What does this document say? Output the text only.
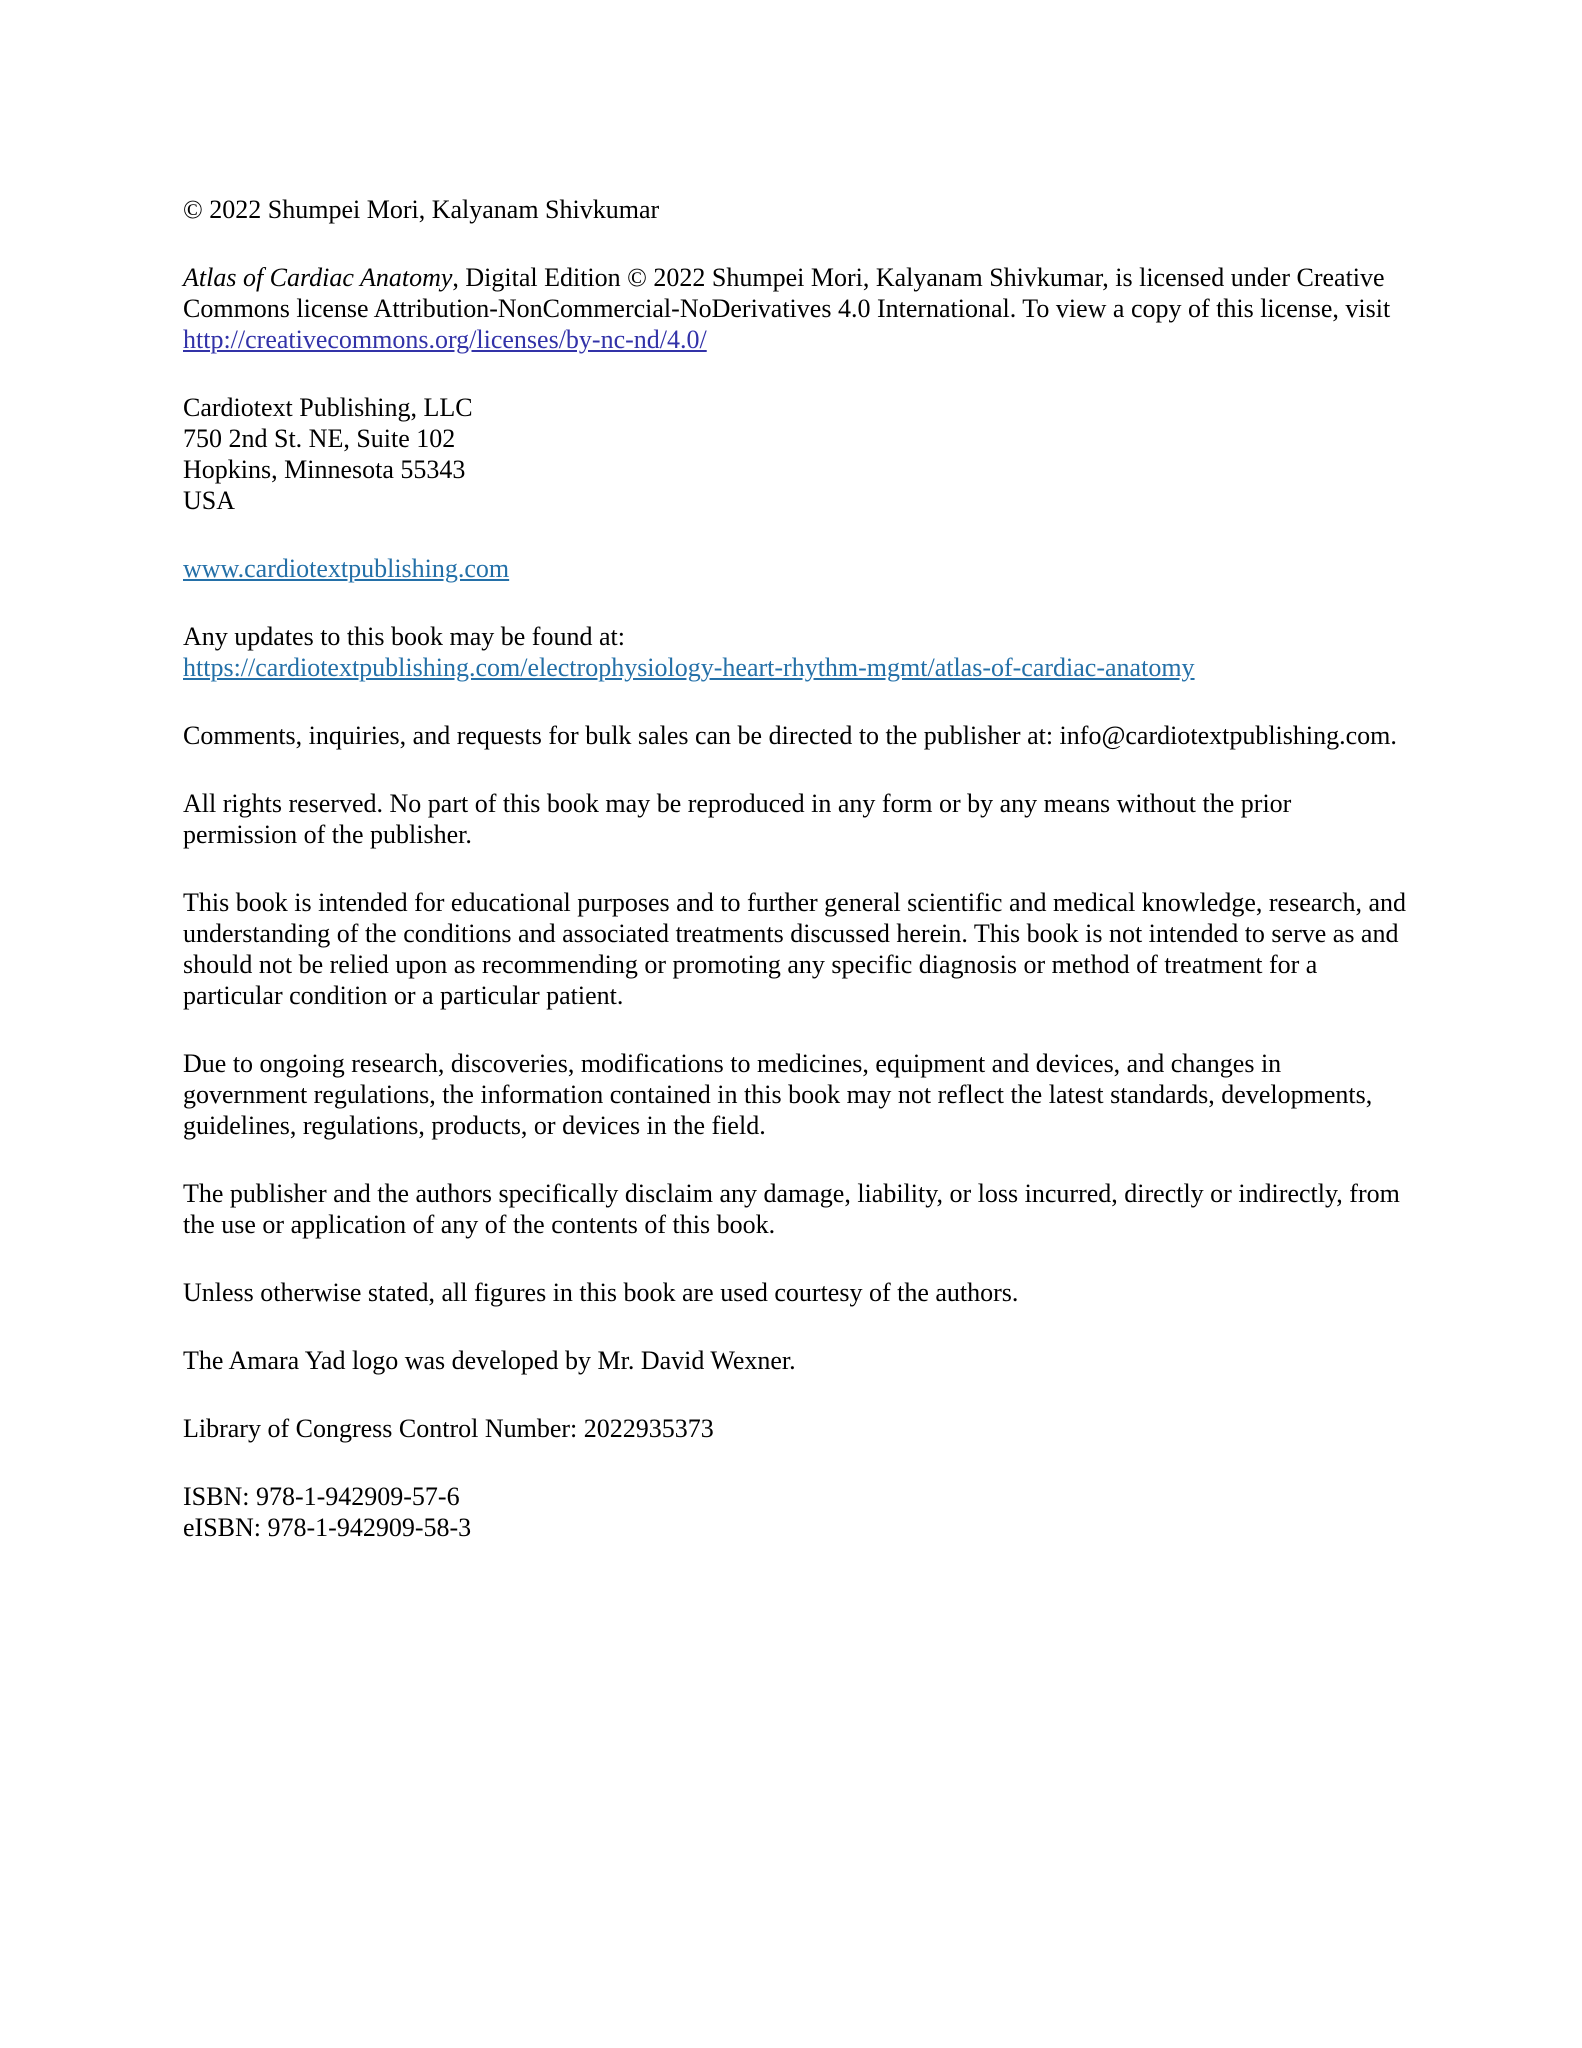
© 2022 Shumpei Mori, Kalyanam Shivkumar

Atlas of Cardiac Anatomy, Digital Edition © 2022 Shumpei Mori, Kalyanam Shivkumar, is licensed under Creative Commons license Attribution-NonCommercial-NoDerivatives 4.0 International. To view a copy of this license, visit http://creativecommons.org/licenses/by-nc-nd/4.0/

Cardiotext Publishing, LLC
750 2nd St. NE, Suite 102
Hopkins, Minnesota 55343
USA

www.cardiotextpublishing.com

Any updates to this book may be found at:
https://cardiotextpublishing.com/electrophysiology-heart-rhythm-mgmt/atlas-of-cardiac-anatomy

Comments, inquiries, and requests for bulk sales can be directed to the publisher at: info@cardiotextpublishing.com.

All rights reserved. No part of this book may be reproduced in any form or by any means without the prior permission of the publisher.

This book is intended for educational purposes and to further general scientific and medical knowledge, research, and understanding of the conditions and associated treatments discussed herein. This book is not intended to serve as and should not be relied upon as recommending or promoting any specific diagnosis or method of treatment for a particular condition or a particular patient.

Due to ongoing research, discoveries, modifications to medicines, equipment and devices, and changes in government regulations, the information contained in this book may not reflect the latest standards, developments, guidelines, regulations, products, or devices in the field.

The publisher and the authors specifically disclaim any damage, liability, or loss incurred, directly or indirectly, from the use or application of any of the contents of this book.

Unless otherwise stated, all figures in this book are used courtesy of the authors.

The Amara Yad logo was developed by Mr. David Wexner.

Library of Congress Control Number: 2022935373

ISBN: 978-1-942909-57-6
eISBN: 978-1-942909-58-3
